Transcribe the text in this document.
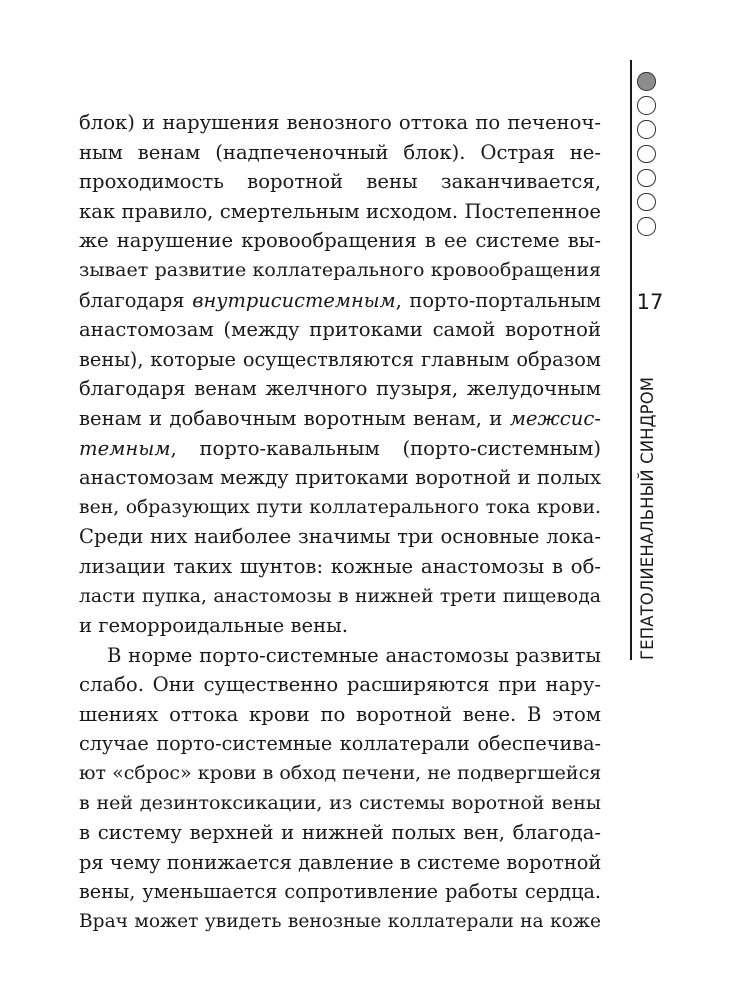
17
ГЕПАТОЛИЕНАЛЬНЫЙ СИНДРОМ
блок) и нарушения венозного оттока по печеноч-
ным венам (надпеченочный блок). Острая не-
проходимость воротной вены заканчивается,
как правило, смертельным исходом. Постепенное
же нарушение кровообращения в ее системе вы-
зывает развитие коллатерального кровообращения
благодаря внутрисистемным, порто-портальным
анастомозам (между притоками самой воротной
вены), которые осуществляются главным образом
благодаря венам желчного пузыря, желудочным
венам и добавочным воротным венам, и межсис-
темным, порто-кавальным (порто-системным)
анастомозам между притоками воротной и полых
вен, образующих пути коллатерального тока крови.
Среди них наиболее значимы три основные лока-
лизации таких шунтов: кожные анастомозы в об-
ласти пупка, анастомозы в нижней трети пищевода
и геморроидальные вены.
В норме порто-системные анастомозы развиты
слабо. Они существенно расширяются при нару-
шениях оттока крови по воротной вене. В этом
случае порто-системные коллатерали обеспечива-
ют «сброс» крови в обход печени, не подвергшейся
в ней дезинтоксикации, из системы воротной вены
в систему верхней и нижней полых вен, благода-
ря чему понижается давление в системе воротной
вены, уменьшается сопротивление работы сердца.
Врач может увидеть венозные коллатерали на коже
